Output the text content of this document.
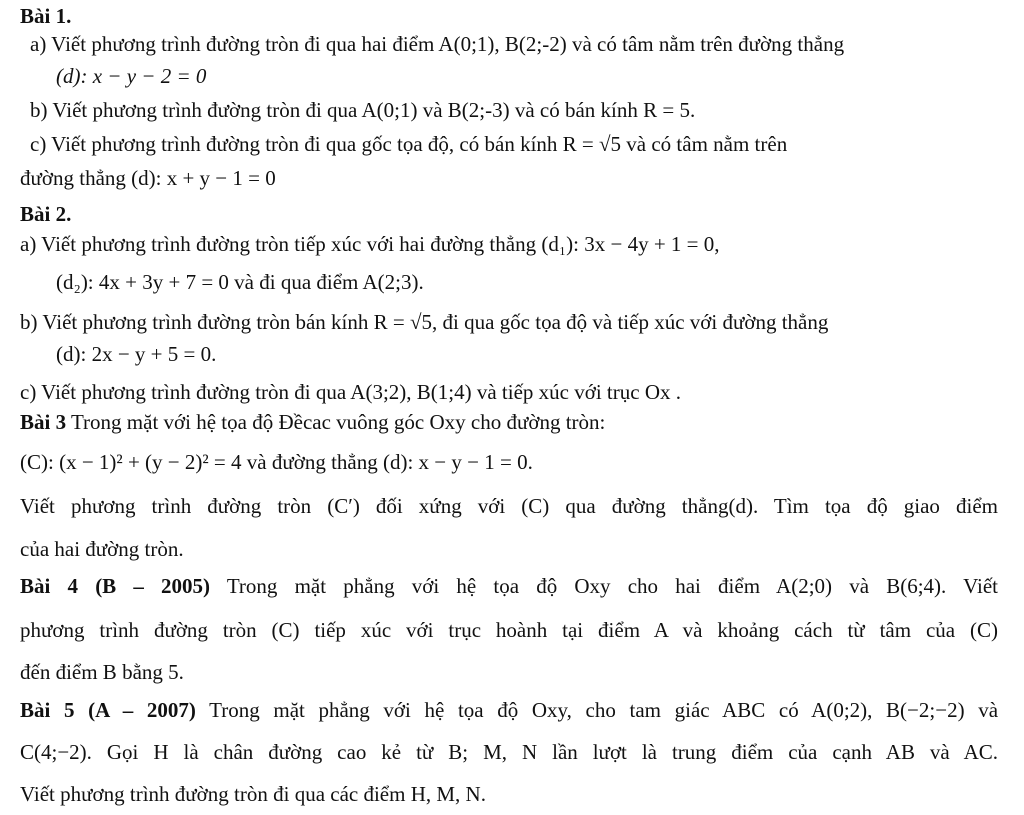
Bài 1.
a) Viết phương trình đường tròn đi qua hai điểm A(0;1), B(2;-2) và có tâm nằm trên đường thẳng
(d): x − y − 2 = 0
b) Viết phương trình đường tròn đi qua A(0;1) và B(2;-3) và có bán kính R = 5.
c) Viết phương trình đường tròn đi qua gốc tọa độ, có bán kính R = √5 và có tâm nằm trên
đường thẳng (d): x + y − 1 = 0
Bài 2.
a) Viết phương trình đường tròn tiếp xúc với hai đường thẳng (d₁): 3x − 4y + 1 = 0,
(d₂): 4x + 3y + 7 = 0 và đi qua điểm A(2;3).
b) Viết phương trình đường tròn bán kính R = √5, đi qua gốc tọa độ và tiếp xúc với đường thẳng
(d): 2x − y + 5 = 0.
c) Viết phương trình đường tròn đi qua A(3;2), B(1;4) và tiếp xúc với trục Ox .
Bài 3 Trong mặt với hệ tọa độ Đềcac vuông góc Oxy cho đường tròn:
(C): (x − 1)² + (y − 2)² = 4 và đường thẳng (d): x − y − 1 = 0.
Viết phương trình đường tròn (C′) đối xứng với (C) qua đường thẳng(d). Tìm tọa độ giao điểm
của hai đường tròn.
Bài 4 (B – 2005) Trong mặt phẳng với hệ tọa độ Oxy cho hai điểm A(2;0) và B(6;4). Viết
phương trình đường tròn (C) tiếp xúc với trục hoành tại điểm A và khoảng cách từ tâm của (C)
đến điểm B bằng 5.
Bài 5 (A – 2007) Trong mặt phẳng với hệ tọa độ Oxy, cho tam giác ABC có A(0;2), B(−2;−2) và
C(4;−2). Gọi H là chân đường cao kẻ từ B; M, N lần lượt là trung điểm của cạnh AB và AC.
Viết phương trình đường tròn đi qua các điểm H, M, N.
